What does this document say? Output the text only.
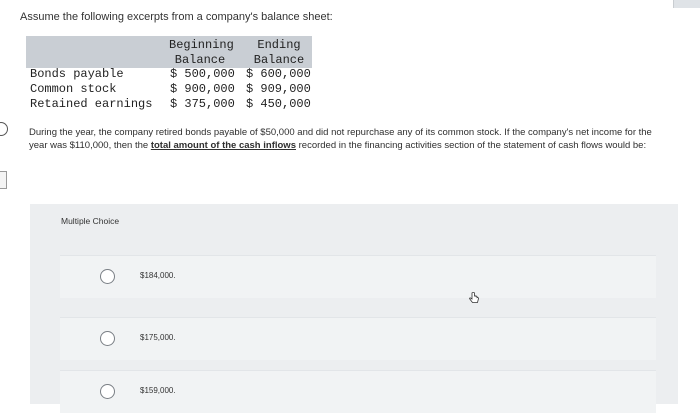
Assume the following excerpts from a company's balance sheet:
Beginning
Balance
Ending
Balance
Bonds payable	$ 500,000 $ 600,000
Common stock	$ 900,000 $ 909,000
Retained earnings $ 375,000 $ 450,000
During the year, the company retired bonds payable of $50,000 and did not repurchase any of its common stock. If the company's net income for the year was $110,000, then the total amount of the cash inflows recorded in the financing activities section of the statement of cash flows would be:
Multiple Choice
$184,000.
$175,000.
$159,000.
